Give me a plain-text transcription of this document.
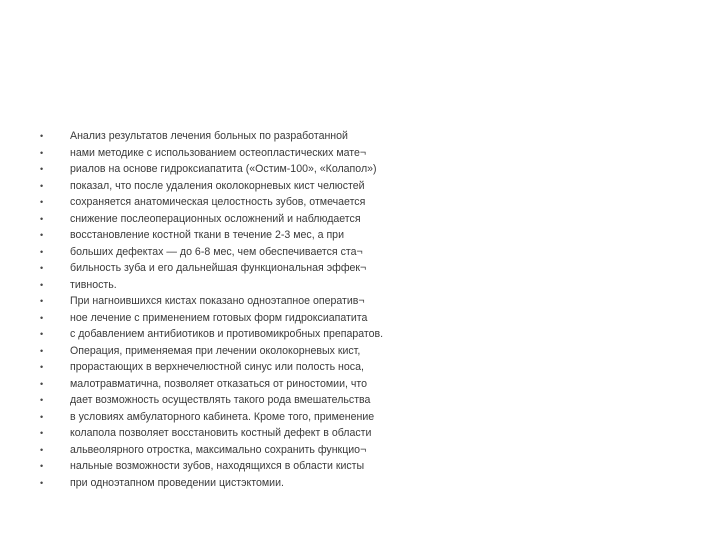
•	Анализ результатов лечения больных по разработанной
•	нами методике с использованием остеопластических мате¬
•	риалов на основе гидроксиапатита («Остим-100», «Колапол»)
•	показал, что после удаления околокорневых кист челюстей
•	сохраняется анатомическая целостность зубов, отмечается
•	снижение послеоперационных осложнений и наблюдается
•	восстановление костной ткани в течение 2-3 мес, а при
•	больших дефектах — до 6-8 мес, чем обеспечивается ста¬
•	бильность зуба и его дальнейшая функциональная эффек¬
•	тивность.
•	При нагноившихся кистах показано одноэтапное оператив¬
•	ное лечение с применением готовых форм гидроксиапатита
•	с добавлением антибиотиков и противомикробных препаратов.
•	Операция, применяемая при лечении околокорневых кист,
•	прорастающих в верхнечелюстной синус или полость носа,
•	малотравматична, позволяет отказаться от риностомии, что
•	дает возможность осуществлять такого рода вмешательства
•	в условиях амбулаторного кабинета. Кроме того, применение
•	колапола позволяет восстановить костный дефект в области
•	альвеолярного отростка, максимально сохранить функцио¬
•	нальные возможности зубов, находящихся в области кисты
•	при одноэтапном проведении цистэктомии.
